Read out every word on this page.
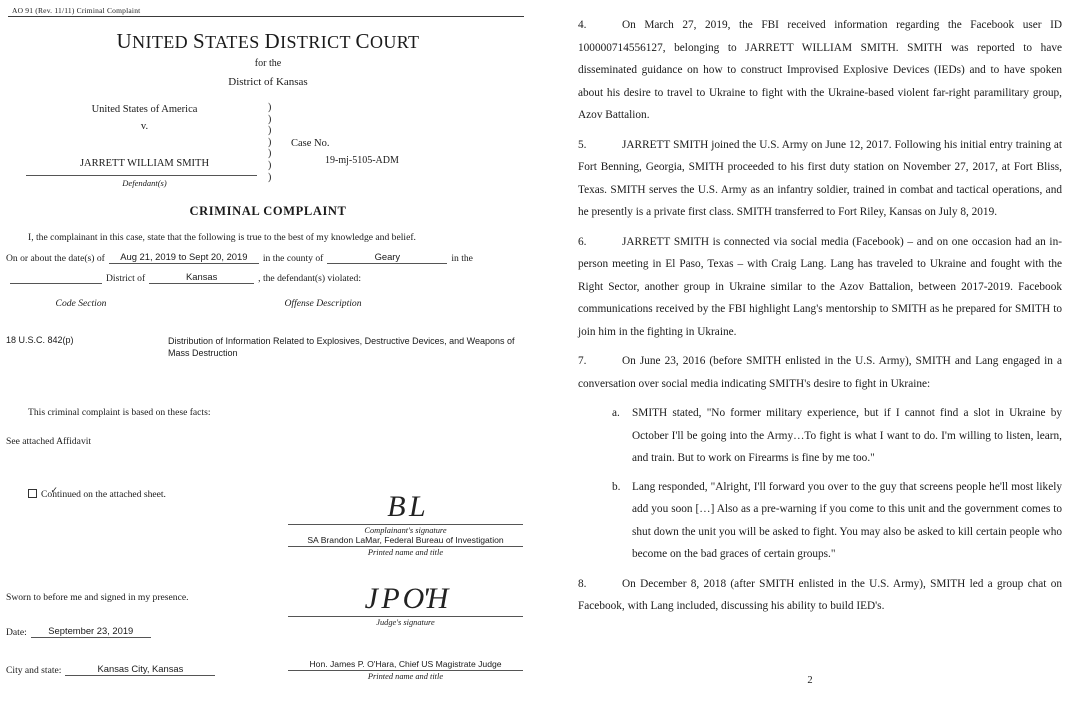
AO 91 (Rev. 11/11) Criminal Complaint
UNITED STATES DISTRICT COURT
for the
District of Kansas
United States of America
v.
JARRETT WILLIAM SMITH
Defendant(s)
)
)
)
)
)
)
)
Case No.
19-mj-5105-ADM
CRIMINAL COMPLAINT
I, the complainant in this case, state that the following is true to the best of my knowledge and belief.
On or about the date(s) of	Aug 21, 2019 to Sept 20, 2019	in the county of	Geary	in the
District of	Kansas	, the defendant(s) violated:
Code Section	Offense Description
18 U.S.C. 842(p)	Distribution of Information Related to Explosives, Destructive Devices, and Weapons of Mass Destruction
This criminal complaint is based on these facts:
See attached Affidavit
✓Continued on the attached sheet.	B L
Complainant's signature
SA Brandon LaMar, Federal Bureau of Investigation
Printed name and title
Sworn to before me and signed in my presence.	J P O'H
Judge's signature
Date:	September 23, 2019
City and state:	Kansas City, Kansas	Hon. James P. O'Hara, Chief US Magistrate Judge
Printed name and title
4.	On March 27, 2019, the FBI received information regarding the Facebook user ID 100000714556127, belonging to JARRETT WILLIAM SMITH. SMITH was reported to have disseminated guidance on how to construct Improvised Explosive Devices (IEDs) and to have spoken about his desire to travel to Ukraine to fight with the Ukraine-based violent far-right paramilitary group, Azov Battalion.
5.	JARRETT SMITH joined the U.S. Army on June 12, 2017. Following his initial entry training at Fort Benning, Georgia, SMITH proceeded to his first duty station on November 27, 2017, at Fort Bliss, Texas. SMITH serves the U.S. Army as an infantry soldier, trained in combat and tactical operations, and he presently is a private first class. SMITH transferred to Fort Riley, Kansas on July 8, 2019.
6.	JARRETT SMITH is connected via social media (Facebook) – and on one occasion had an in-person meeting in El Paso, Texas – with Craig Lang. Lang has traveled to Ukraine and fought with the Right Sector, another group in Ukraine similar to the Azov Battalion, between 2017-2019. Facebook communications received by the FBI highlight Lang's mentorship to SMITH as he prepared for SMITH to join him in the fighting in Ukraine.
7.	On June 23, 2016 (before SMITH enlisted in the U.S. Army), SMITH and Lang engaged in a conversation over social media indicating SMITH's desire to fight in Ukraine:
a. SMITH stated, "No former military experience, but if I cannot find a slot in Ukraine by October I'll be going into the Army…To fight is what I want to do. I'm willing to listen, learn, and train. But to work on Firearms is fine by me too."
b. Lang responded, "Alright, I'll forward you over to the guy that screens people he'll most likely add you soon […] Also as a pre-warning if you come to this unit and the government comes to shut down the unit you will be asked to fight. You may also be asked to kill certain people who become on the bad graces of certain groups."
8.	On December 8, 2018 (after SMITH enlisted in the U.S. Army), SMITH led a group chat on Facebook, with Lang included, discussing his ability to build IED's.
2
